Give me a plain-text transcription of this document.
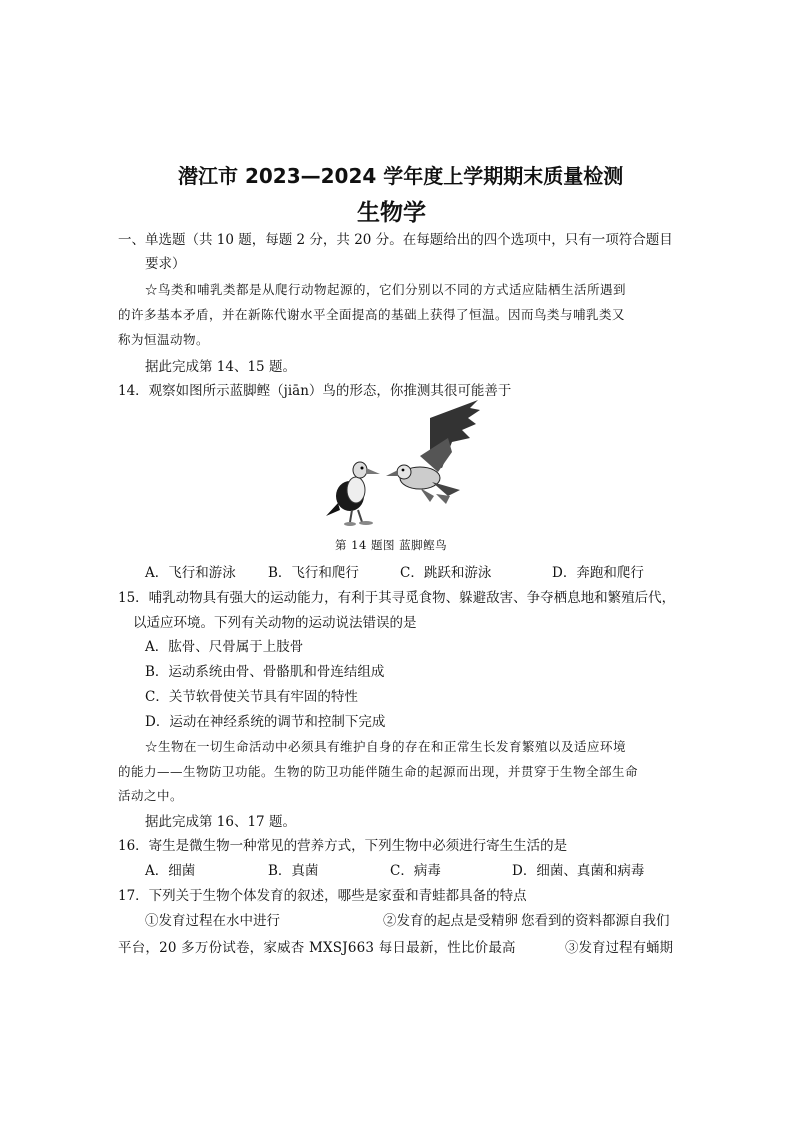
潜江市 2023—2024 学年度上学期期末质量检测
生物学
一、单选题（共 10 题，每题 2 分，共 20 分。在每题给出的四个选项中，只有一项符合题目
要求）
☆鸟类和哺乳类都是从爬行动物起源的，它们分别以不同的方式适应陆栖生活所遇到
的许多基本矛盾，并在新陈代谢水平全面提高的基础上获得了恒温。因而鸟类与哺乳类又
称为恒温动物。
据此完成第 14、15 题。
14．观察如图所示蓝脚鲣（jiān）鸟的形态，你推测其很可能善于
第 14 题图 蓝脚鲣鸟
A．飞行和游泳 B．飞行和爬行	C．跳跃和游泳	D．奔跑和爬行
15．哺乳动物具有强大的运动能力，有利于其寻觅食物、躲避敌害、争夺栖息地和繁殖后代，
以适应环境。下列有关动物的运动说法错误的是
A．肱骨、尺骨属于上肢骨
B．运动系统由骨、骨骼肌和骨连结组成
C．关节软骨使关节具有牢固的特性
D．运动在神经系统的调节和控制下完成
☆生物在一切生命活动中必须具有维护自身的存在和正常生长发育繁殖以及适应环境
的能力——生物防卫功能。生物的防卫功能伴随生命的起源而出现，并贯穿于生物全部生命
活动之中。
据此完成第 16、17 题。
16．寄生是微生物一种常见的营养方式，下列生物中必须进行寄生生活的是
A．细菌	B．真菌	C．病毒	D．细菌、真菌和病毒
17．下列关于生物个体发育的叙述，哪些是家蚕和青蛙都具备的特点
①发育过程在水中进行	②发育的起点是受精卵 您看到的资料都源自我们
平台，20 多万份试卷，家威杏 MXSJ663 每日最新，性比价最高	③发育过程有蛹期
